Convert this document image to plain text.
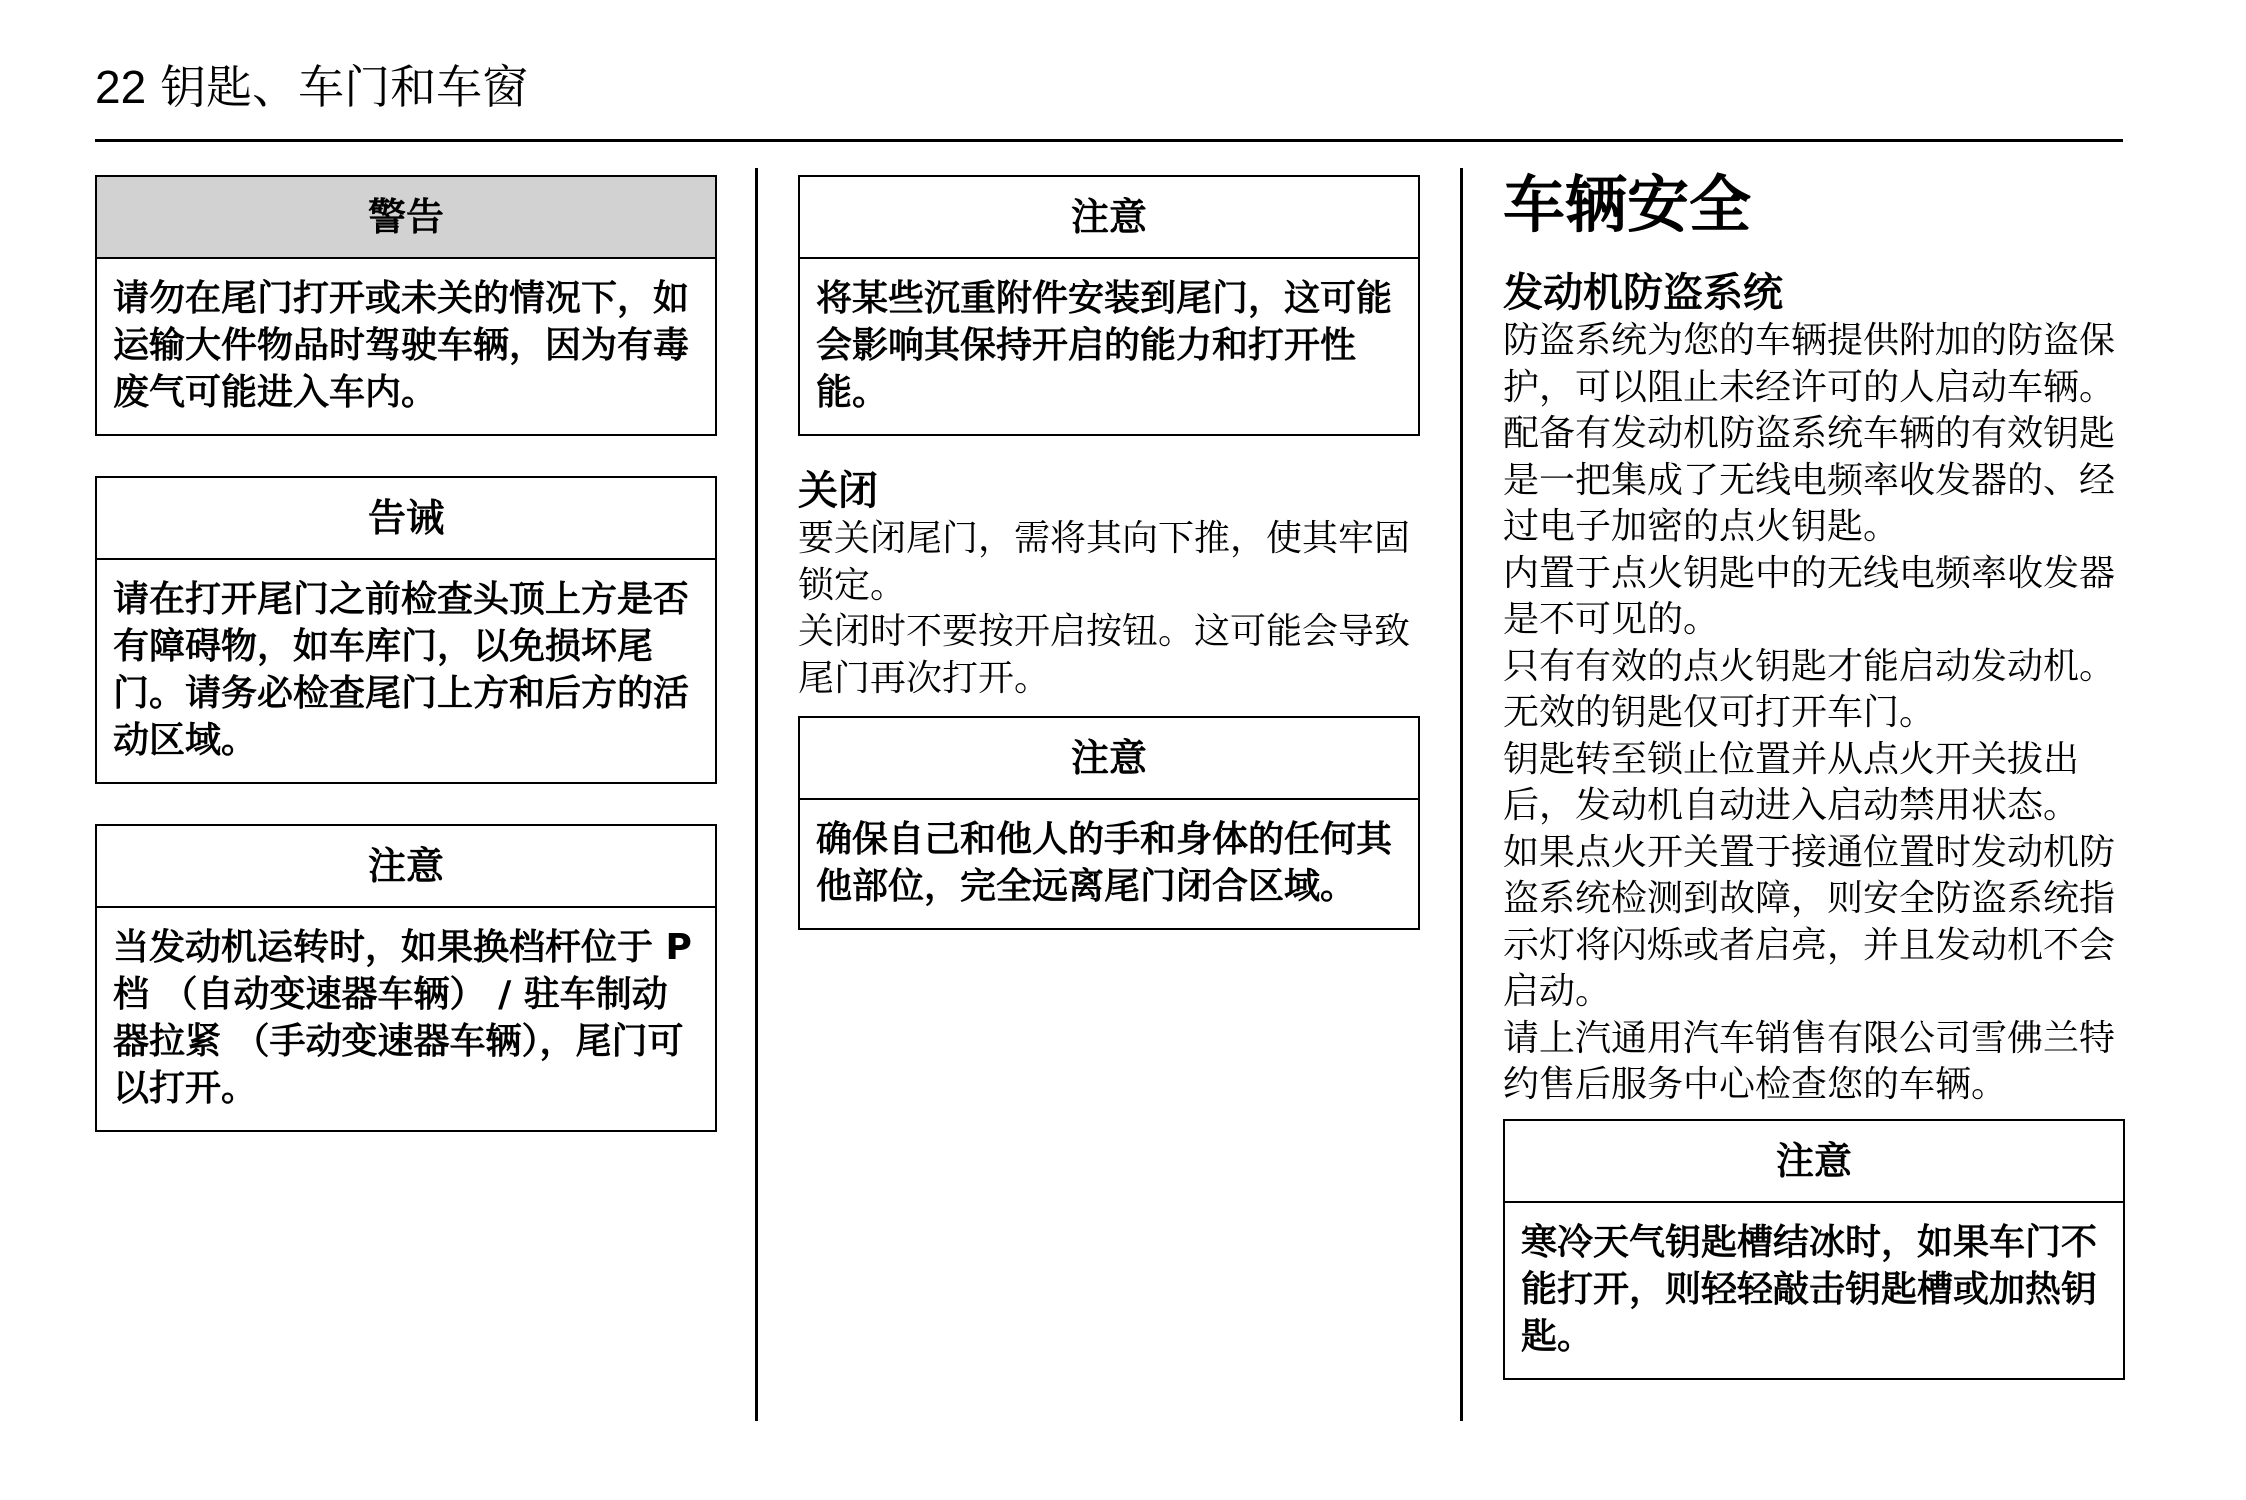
22 钥匙、车门和车窗
警告
请勿在尾门打开或未关的情况下，如运输大件物品时驾驶车辆，因为有毒废气可能进入车内。
告诫
请在打开尾门之前检查头顶上方是否有障碍物，如车库门，以免损坏尾门。请务必检查尾门上方和后方的活动区域。
注意
当发动机运转时，如果换档杆位于 P 档 （自动变速器车辆） / 驻车制动器拉紧 （手动变速器车辆），尾门可以打开。
注意
将某些沉重附件安装到尾门，这可能会影响其保持开启的能力和打开性能。
关闭

要关闭尾门，需将其向下推，使其牢固锁定。

关闭时不要按开启按钮。这可能会导致尾门再次打开。

注意
确保自己和他人的手和身体的任何其他部位，完全远离尾门闭合区域。
车辆安全
发动机防盗系统

防盗系统为您的车辆提供附加的防盗保护，可以阻止未经许可的人启动车辆。配备有发动机防盗系统车辆的有效钥匙是一把集成了无线电频率收发器的、经过电子加密的点火钥匙。

内置于点火钥匙中的无线电频率收发器是不可见的。

只有有效的点火钥匙才能启动发动机。

无效的钥匙仅可打开车门。

钥匙转至锁止位置并从点火开关拔出后，发动机自动进入启动禁用状态。

如果点火开关置于接通位置时发动机防盗系统检测到故障，则安全防盗系统指示灯将闪烁或者启亮，并且发动机不会启动。

请上汽通用汽车销售有限公司雪佛兰特约售后服务中心检查您的车辆。

注意
寒冷天气钥匙槽结冰时，如果车门不能打开，则轻轻敲击钥匙槽或加热钥匙。
